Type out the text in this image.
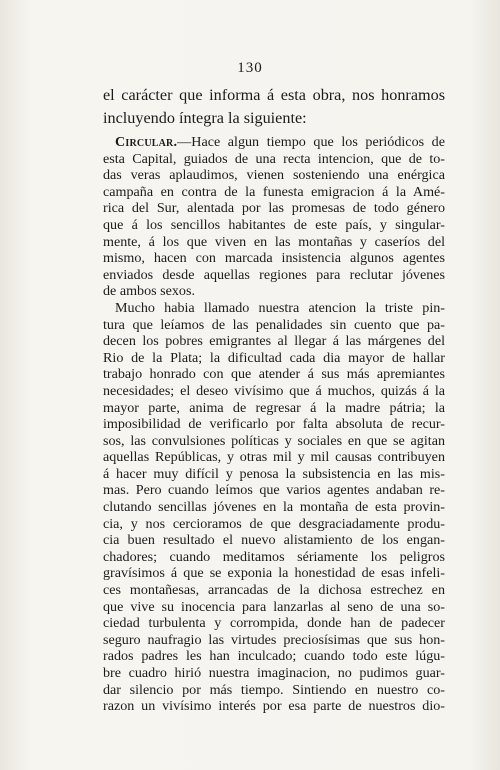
130
el carácter que informa á esta obra, nos honramos
incluyendo íntegra la siguiente:
Circular.—Hace algun tiempo que los periódicos de
esta Capital, guiados de una recta intencion, que de to-
das veras aplaudimos, vienen sosteniendo una enérgica
campaña en contra de la funesta emigracion á la Amé-
rica del Sur, alentada por las promesas de todo género
que á los sencillos habitantes de este país, y singular-
mente, á los que viven en las montañas y caseríos del
mismo, hacen con marcada insistencia algunos agentes
enviados desde aquellas regiones para reclutar jóvenes
de ambos sexos.
Mucho habia llamado nuestra atencion la triste pin-
tura que leíamos de las penalidades sin cuento que pa-
decen los pobres emigrantes al llegar á las márgenes del
Rio de la Plata; la dificultad cada dia mayor de hallar
trabajo honrado con que atender á sus más apremiantes
necesidades; el deseo vivísimo que á muchos, quizás á la
mayor parte, anima de regresar á la madre pátria; la
imposibilidad de verificarlo por falta absoluta de recur-
sos, las convulsiones políticas y sociales en que se agitan
aquellas Repúblicas, y otras mil y mil causas contribuyen
á hacer muy difícil y penosa la subsistencia en las mis-
mas. Pero cuando leímos que varios agentes andaban re-
clutando sencillas jóvenes en la montaña de esta provin-
cia, y nos cercioramos de que desgraciadamente produ-
cia buen resultado el nuevo alistamiento de los engan-
chadores; cuando meditamos sériamente los peligros
gravísimos á que se exponia la honestidad de esas infeli-
ces montañesas, arrancadas de la dichosa estrechez en
que vive su inocencia para lanzarlas al seno de una so-
ciedad turbulenta y corrompida, donde han de padecer
seguro naufragio las virtudes preciosísimas que sus hon-
rados padres les han inculcado; cuando todo este lúgu-
bre cuadro hirió nuestra imaginacion, no pudimos guar-
dar silencio por más tiempo. Sintiendo en nuestro co-
razon un vivísimo interés por esa parte de nuestros dio-
